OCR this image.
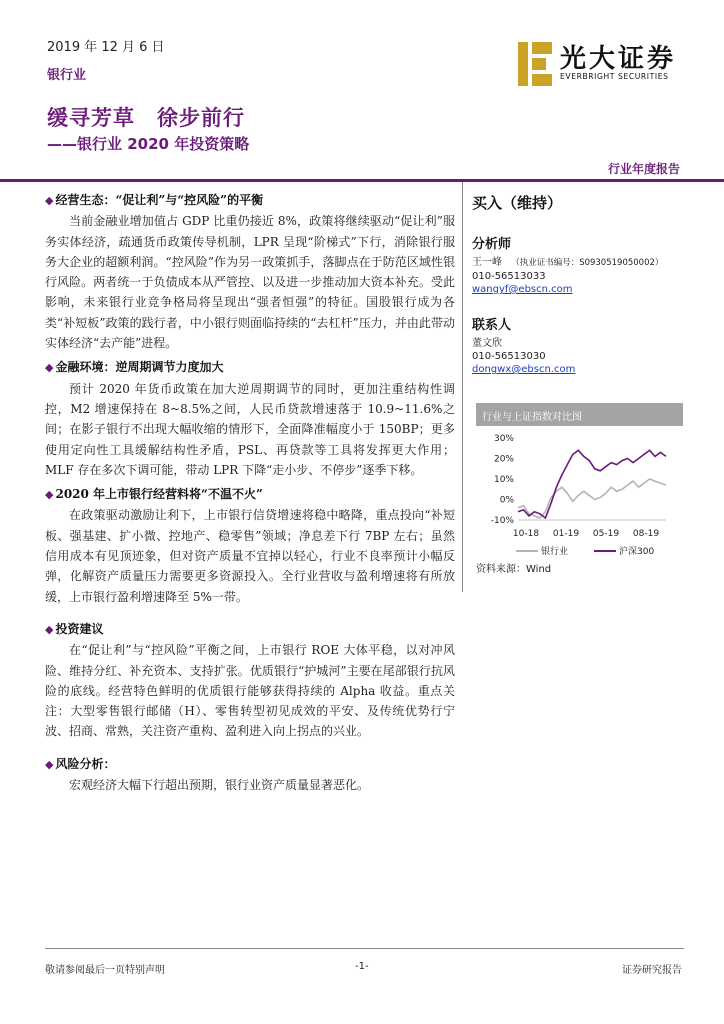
2019 年 12 月 6 日
银行业
缓寻芳草　徐步前行
——银行业 2020 年投资策略
光大证券
EVERBRIGHT SECURITIES
行业年度报告
◆ 经营生态：“促让利”与“控风险”的平衡

当前金融业增加值占 GDP 比重仍接近 8%，政策将继续驱动“促让利”服务实体经济，疏通货币政策传导机制，LPR 呈现“阶梯式”下行，消除银行服务大企业的超额利润。“控风险”作为另一政策抓手，落脚点在于防范区域性银行风险。两者统一于负债成本从严管控、以及进一步推动加大资本补充。受此影响，未来银行业竞争格局将呈现出“强者恒强”的特征。国股银行成为各类“补短板”政策的践行者，中小银行则面临持续的“去杠杆”压力，并由此带动实体经济“去产能”进程。

◆ 金融环境：逆周期调节力度加大

预计 2020 年货币政策在加大逆周期调节的同时，更加注重结构性调控，M2 增速保持在 8~8.5%之间，人民币贷款增速落于 10.9~11.6%之间；在影子银行不出现大幅收缩的情形下，全面降准幅度小于 150BP；更多使用定向性工具缓解结构性矛盾，PSL、再贷款等工具将发挥更大作用；MLF 存在多次下调可能，带动 LPR 下降“走小步、不停步”逐季下移。

◆ 2020 年上市银行经营料将“不温不火”

在政策驱动激励让利下，上市银行信贷增速将稳中略降，重点投向“补短板、强基建、扩小微、控地产、稳零售”领域；净息差下行 7BP 左右；虽然信用成本有见顶迹象，但对资产质量不宜掉以轻心，行业不良率预计小幅反弹，化解资产质量压力需要更多资源投入。全行业营收与盈利增速将有所放缓，上市银行盈利增速降至 5%一带。

◆ 投资建议

在“促让利”与“控风险”平衡之间，上市银行 ROE 大体平稳，以对冲风险、维持分红、补充资本、支持扩张。优质银行“护城河”主要在尾部银行抗风险的底线。经营特色鲜明的优质银行能够获得持续的 Alpha 收益。重点关注：大型零售银行邮储（H）、零售转型初见成效的平安、及传统优势行宁波、招商、常熟，关注资产重构、盈利进入向上拐点的兴业。

◆ 风险分析：

宏观经济大幅下行超出预期，银行业资产质量显著恶化。

买入（维持）
分析师
王一峰 （执业证书编号：S0930519050002）
010-56513033
wangyf@ebscn.com
联系人
董文欣
010-56513030
dongwx@ebscn.com
行业与上证指数对比图
30%
20%
10%
0%
-10%
10-18 01-19 05-19 08-19
银行业	沪深300
资料来源：Wind
敬请参阅最后一页特别声明	-1-	证券研究报告
